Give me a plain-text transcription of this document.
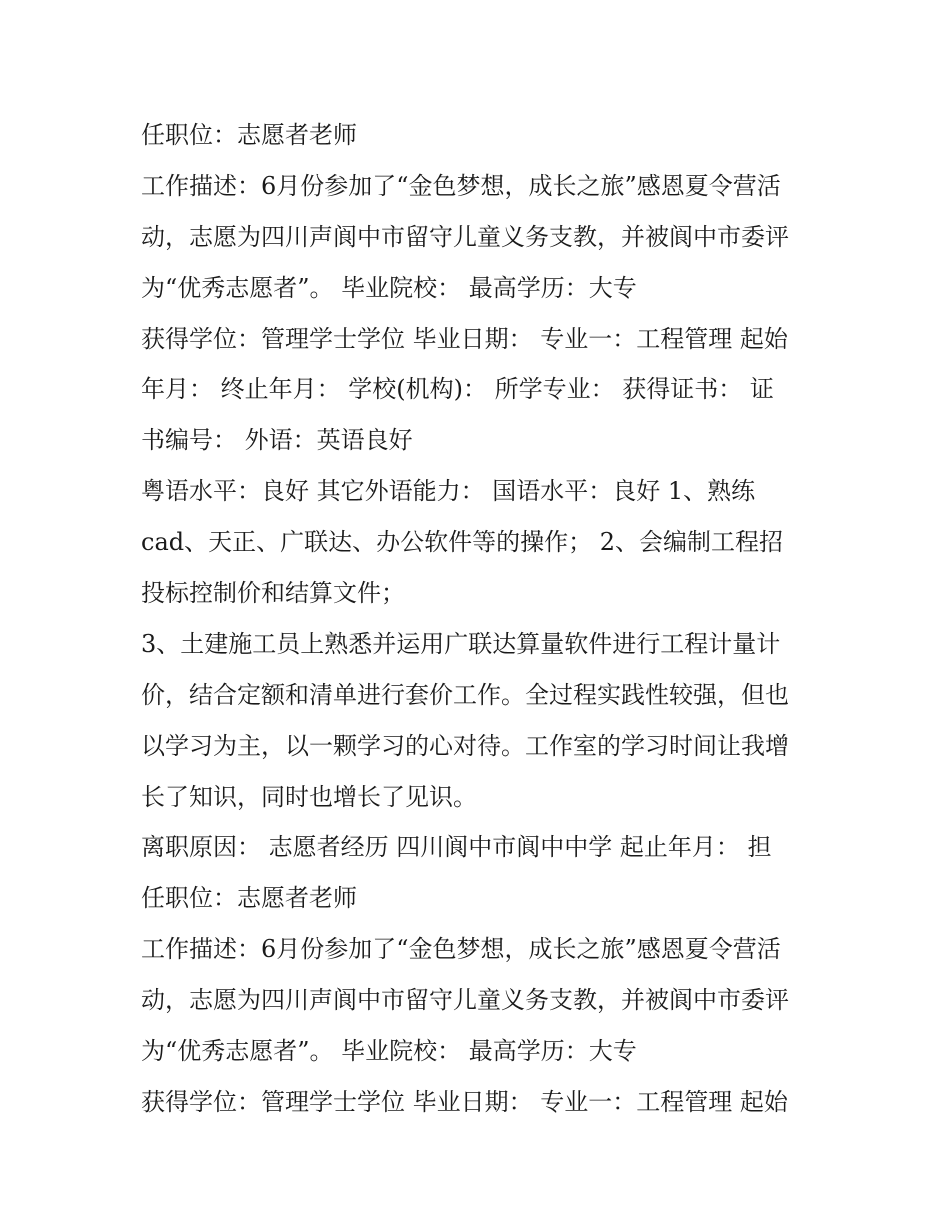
任职位：志愿者老师
工作描述：6月份参加了“金色梦想，成长之旅”感恩夏令营活
动，志愿为四川声阆中市留守儿童义务支教，并被阆中市委评
为“优秀志愿者”。 毕业院校： 最高学历：大专
获得学位：管理学士学位 毕业日期： 专业一：工程管理 起始
年月： 终止年月： 学校(机构)： 所学专业： 获得证书： 证
书编号： 外语：英语良好
粤语水平：良好 其它外语能力： 国语水平：良好 1、熟练
cad、天正、广联达、办公软件等的操作； 2、会编制工程招
投标控制价和结算文件；
3、土建施工员上熟悉并运用广联达算量软件进行工程计量计
价，结合定额和清单进行套价工作。全过程实践性较强，但也
以学习为主，以一颗学习的心对待。工作室的学习时间让我增
长了知识，同时也增长了见识。
离职原因： 志愿者经历 四川阆中市阆中中学 起止年月： 担
任职位：志愿者老师
工作描述：6月份参加了“金色梦想，成长之旅”感恩夏令营活
动，志愿为四川声阆中市留守儿童义务支教，并被阆中市委评
为“优秀志愿者”。 毕业院校： 最高学历：大专
获得学位：管理学士学位 毕业日期： 专业一：工程管理 起始
